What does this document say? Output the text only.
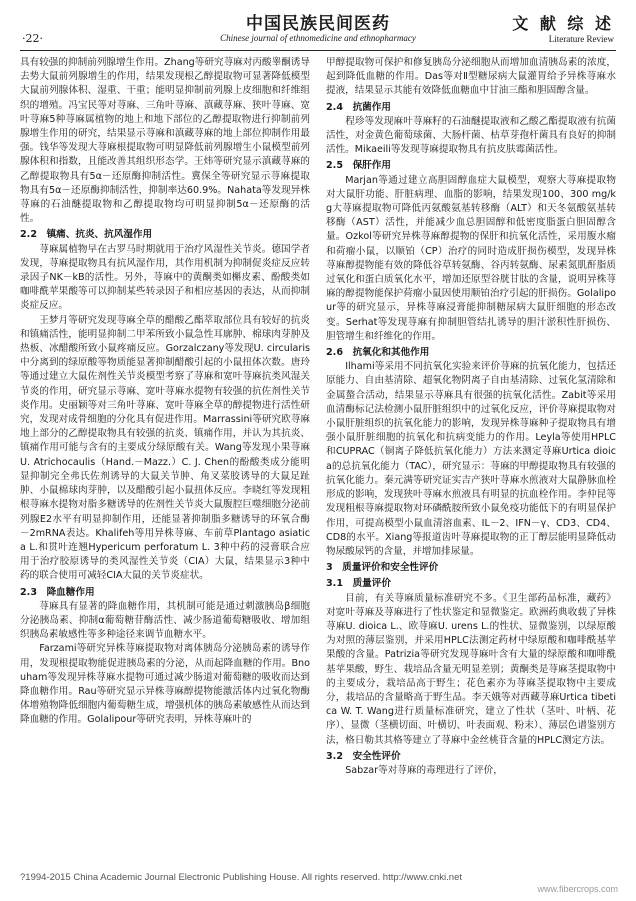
·22·
中国民族民间医药
Chinese journal of ethnomedicine and ethnopharmacy
文 献 综 述
Literature Review

具有较强的抑制前列腺增生作用。Zhang等研究荨麻对丙酸睾酮诱导去势大鼠前列腺增生的作用，结果发现根乙醇提取物可显著降低模型大鼠前列腺体积、湿重、干重；能明显抑制前列腺上皮细胞和纤维组织的增殖。冯宝民等对荨麻、三角叶荨麻、滇藏荨麻、狭叶荨麻、宽叶荨麻5种荨麻属植物的地上和地下部位的乙醇提取物进行抑制前列腺增生作用的研究，结果显示荨麻和滇藏荨麻的地上部位抑制作用最强。钱华等发现大荨麻根提取物可明显降低前列腺增生小鼠模型前列腺体积和指数，且能改善其组织形态学。王炜等研究显示滇藏荨麻的乙醇提取物具有5α－还原酶抑制活性。冀保全等研究显示荨麻提取物具有5α－还原酶抑制活性，抑制率达60.9%。Nahata等发现异株荨麻的石油醚提取物和乙醇提取物均可明显抑制5α－还原酶的活性。

2.2　镇痛、抗炎、抗风湿作用

荨麻属植物早在古罗马时期就用于治疗风湿性关节炎。德国学者发现，荨麻提取物具有抗风湿作用，其作用机制为抑制促炎症反应转录因子NK－kB的活性。另外，荨麻中的黄酮类如槲皮素、酚酸类如咖啡酰苹果酸等可以抑制某些转录因子和相应基因的表达，从而抑制炎症反应。

王梦月等研究发现荨麻全草的醋酸乙酯萃取部位具有较好的抗炎和镇痛活性，能明显抑制二甲苯所致小鼠急性耳廓肿、棉球肉芽肿及热板、冰醋酸所致小鼠疼痛反应。Gorzalczany等发现U. circularis中分离到的绿原酸等物质能显著抑制醋酸引起的小鼠扭体次数。唐玲等通过建立大鼠佐剂性关节炎模型考察了荨麻和宽叶荨麻抗类风湿关节炎的作用，研究显示荨麻、宽叶荨麻水提物有较强的抗佐剂性关节炎作用。史丽颖等对三角叶荨麻、宽叶荨麻全草的醇提物进行活性研究，发现对成骨细胞的分化具有促进作用。Marrassini等研究欧荨麻地上部分的乙醇提取物具有较强的抗炎、镇痛作用，并认为其抗炎、镇痛作用可能与含有的主要成分绿原酸有关。Wang等发现小果荨麻U. Atrichocaulis（Hand.－Mazz.）C. J. Chen的酚酸类成分能明显抑制完全弗氏佐剂诱导的大鼠关节肿、角叉菜胶诱导的大鼠足趾肿、小鼠棉球肉芽肿，以及醋酸引起小鼠扭体反应。李晓红等发现粗根荨麻水提物对脂多糖诱导的佐剂性关节炎大鼠腹腔巨噬细胞分泌前列腺E2水平有明显抑制作用，还能显著抑制脂多糖诱导的环氧合酶－2mRNA表达。Khalifeh等用异株荨麻、车前草Plantago asiatica L.和贯叶连翘Hypericum perforatum L. 3种中药的浸膏联合应用于治疗胶原诱导的类风湿性关节炎（CIA）大鼠，结果显示3种中药的联合使用可减轻CIA大鼠的关节炎症状。

2.3　降血糖作用

荨麻具有显著的降血糖作用，其机制可能是通过刺激胰岛β细胞分泌胰岛素、抑制α葡萄糖苷酶活性、减少肠道葡萄糖吸收、增加组织胰岛素敏感性等多种途径来调节血糖水平。

Farzami等研究异株荨麻提取物对离体胰岛分泌胰岛素的诱导作用，发现根提取物能促进胰岛素的分泌，从而起降血糖的作用。Bnouham等发现异株荨麻水提物可通过减少肠道对葡萄糖的吸收而达到降血糖作用。Rau等研究显示异株荨麻醇提物能激活体内过氧化物酶体增殖物降低细胞内葡萄糖生成，增强机体的胰岛素敏感性从而达到降血糖的作用。Golalipour等研究表明，异株荨麻叶的

甲醇提取物可保护和修复胰岛分泌细胞从而增加血清胰岛素的浓度，起到降低血糖的作用。Das等对Ⅱ型糖尿病大鼠灌胃给予异株荨麻水提液，结果显示其能有效降低血糖血中甘油三酯和胆固醇含量。

2.4　抗菌作用

程珍等发现麻叶荨麻籽的石油醚提取液和乙酸乙酯提取液有抗菌活性，对金黄色葡萄球菌、大肠杆菌、枯草芽孢杆菌具有良好的抑制活性。Mikaeili等发现荨麻提取物具有抗皮肤霉菌活性。

2.5　保肝作用

Marjan等通过建立高胆固醇血症大鼠模型，观察大荨麻提取物对大鼠肝功能、肝脏病理、血脂的影响，结果发现100、300 mg/kg大荨麻提取物可降低丙氨酸氨基转移酶（ALT）和天冬氨酸氨基转移酶（AST）活性，并能减少血总胆固醇和低密度脂蛋白胆固醇含量。Ozkol等研究异株荨麻醇提物的保肝和抗氧化活性，采用腹水瘤和荷瘤小鼠，以顺铂（CP）治疗的同时造成肝损伤模型，发现异株荨麻醇提物能有效的降低谷草转氨酶、谷丙转氨酶、尿素氮肌酐脂质过氧化和蛋白质氧化水平，增加还原型谷胱甘肽的含量，说明异株荨麻的醇提物能保护荷瘤小鼠因使用顺铂治疗引起的肝损伤。Golalipour等的研究显示，异株荨麻浸膏能抑制糖尿病大鼠肝细胞的形态改变。Serhat等发现荨麻有抑制胆管结扎诱导的胆汁淤积性肝损伤、胆管增生和纤维化的作用。

2.6　抗氧化和其他作用

Ilhami等采用不同抗氧化实验来评价荨麻的抗氧化能力，包括还原能力、自由基清除、超氧化物阴离子自由基清除、过氧化氢清除和金属螯合活动，结果显示荨麻具有很强的抗氧化活性。Zabit等采用血清酶标记法检测小鼠肝脏组织中的过氧化反应，评价荨麻提取物对小鼠肝脏组织的抗氧化能力的影响，发现异株荨麻种子提取物具有增强小鼠肝脏细胞的抗氧化和抗病变能力的作用。Leyla等使用HPLC和CUPRAC（铜离子降低抗氧化能力）方法来测定荨麻Urtica dioica的总抗氧化能力（TAC），研究显示：荨麻的甲醇提取物具有较强的抗氧化能力。秦元满等研究证实吉产狭叶荨麻水煎液对大鼠静脉血栓形成的影响，发现狭叶荨麻水煎液具有明显的抗血栓作用。李仲昆等发现粗根荨麻提取物对环磷酰胺所致小鼠免疫功能低下的有明显保护作用，可提高模型小鼠血清溶血素、IL－2、IFN－γ、CD3、CD4、CD8的水平。Xiang等报道齿叶荨麻提取物的正丁醇层能明显降低动物尿酸尿钙的含量，并增加排尿量。

3　质量评价和安全性评价

3.1　质量评价

目前，有关荨麻质量标准研究不多。《卫生部药品标准，藏药》对宽叶荨麻及荨麻进行了性状鉴定和显微鉴定。欧洲药典收载了异株荨麻U. dioica L.、欧荨麻U. urens L.的性状、显微鉴别，以绿原酸为对照的薄层鉴别，并采用HPLC法测定药材中绿原酸和咖啡酰基苹果酸的含量。Patrizia等研究发现荨麻叶含有大量的绿原酸和咖啡酰基苹果酸，野生、栽培品含量无明显差别；黄酮类是荨麻茎提取物中的主要成分，栽培品高于野生；花色素亦为荨麻茎提取物中主要成分，栽培品的含量略高于野生品。李天娥等对西藏荨麻Urtica tibetica W. T. Wang进行质量标准研究，建立了性状（茎叶、叶柄、花序）、显微（茎横切面、叶横切、叶表面观、粉末）、薄层色谱鉴别方法，格日勒其其格等建立了荨麻中金丝桃苷含量的HPLC测定方法。

3.2　安全性评价

Sabzar等对荨麻的毒理进行了评价，

?1994-2015 China Academic Journal Electronic Publishing House. All rights reserved. http://www.cnki.net
www.fibercrops.com
